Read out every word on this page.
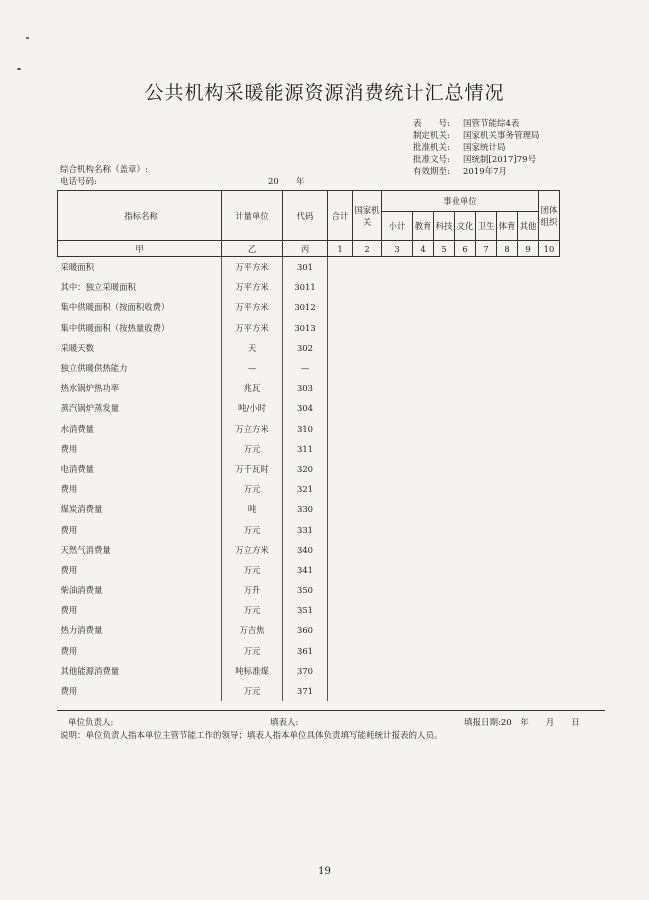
公共机构采暖能源资源消费统计汇总情况
表　　号: 国管节能综4表
制定机关: 国家机关事务管理局
批准机关: 国家统计局
批准文号: 国统制[2017]79号
有效期至: 2019年7月
综合机构名称（盖章）:
电话号码:	20　　 年
指标名称	计量单位	代码	合计	国家机关	事业单位							团体组织
					小计	教育	科技	文化	卫生	体育	其他	
甲	乙	丙	1	2	3	4	5	6	7	8	9	10
采暖面积	万平方米	301										
其中：独立采暖面积	万平方米	3011										
集中供暖面积（按面积收费）	万平方米	3012										
集中供暖面积（按热量收费）	万平方米	3013										
采暖天数	天	302										
独立供暖供热能力	—	—										
热水锅炉热功率	兆瓦	303										
蒸汽锅炉蒸发量	吨/小时	304										
水消费量	万立方米	310										
费用	万元	311										
电消费量	万千瓦时	320										
费用	万元	321										
煤炭消费量	吨	330										
费用	万元	331										
天然气消费量	万立方米	340										
费用	万元	341										
柴油消费量	万升	350										
费用	万元	351										
热力消费量	万吉焦	360										
费用	万元	361										
其他能源消费量	吨标准煤	370										
费用	万元	371										
单位负责人:	填表人:	填报日期:20　年　　月　　日
说明：单位负责人指本单位主管节能工作的领导；填表人指本单位具体负责填写能耗统计报表的人员。
19
